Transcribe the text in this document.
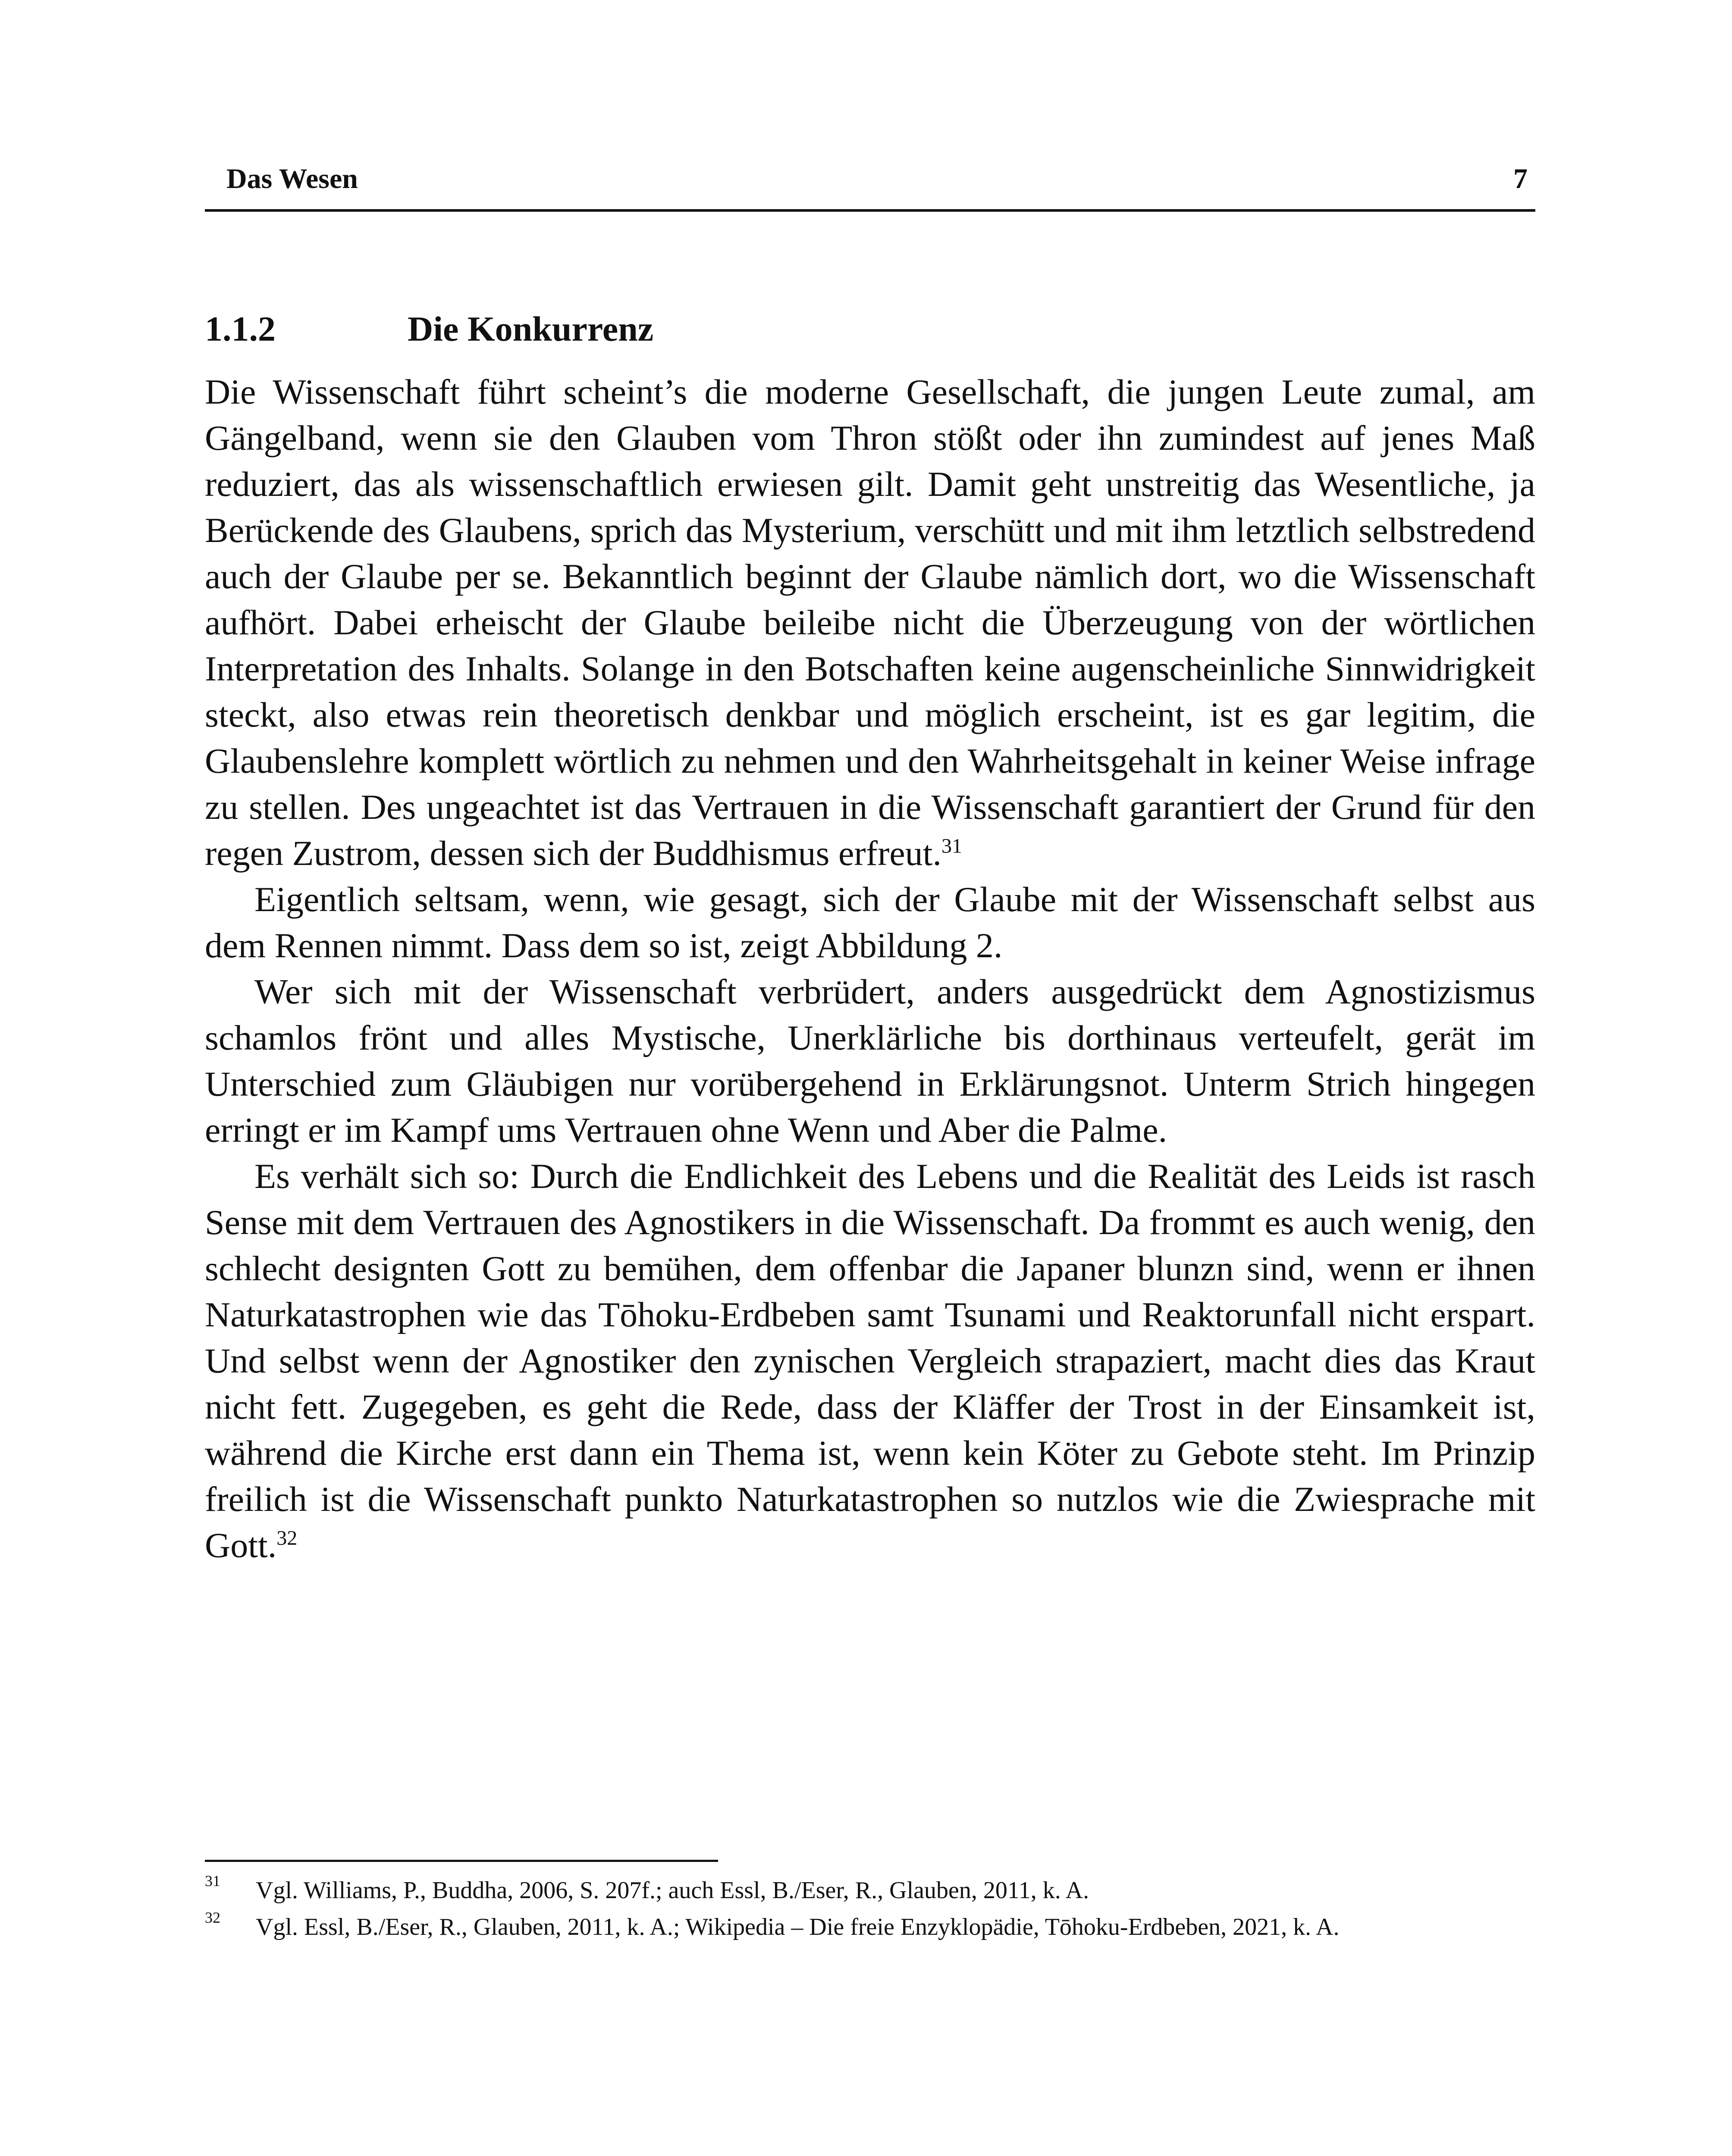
Das Wesen	7
1.1.2	Die Konkurrenz

Die Wissenschaft führt scheint’s die moderne Gesellschaft, die jungen Leute zumal, am Gängelband, wenn sie den Glauben vom Thron stößt oder ihn zumindest auf jenes Maß reduziert, das als wissenschaftlich erwiesen gilt. Damit geht unstreitig das Wesentliche, ja Berückende des Glaubens, sprich das Mysterium, verschütt und mit ihm letztlich selbstredend auch der Glaube per se. Bekanntlich beginnt der Glaube nämlich dort, wo die Wissenschaft aufhört. Dabei erheischt der Glaube beileibe nicht die Überzeugung von der wörtlichen Interpretation des Inhalts. Solange in den Botschaften keine augenscheinliche Sinnwidrigkeit steckt, also etwas rein theoretisch denkbar und möglich erscheint, ist es gar legitim, die Glaubenslehre komplett wörtlich zu nehmen und den Wahrheitsgehalt in keiner Weise infrage zu stellen. Des ungeachtet ist das Vertrauen in die Wissenschaft garantiert der Grund für den regen Zustrom, dessen sich der Buddhismus erfreut.$^{31}$

Eigentlich seltsam, wenn, wie gesagt, sich der Glaube mit der Wissenschaft selbst aus dem Rennen nimmt. Dass dem so ist, zeigt Abbildung 2.

Wer sich mit der Wissenschaft verbrüdert, anders ausgedrückt dem Agnostizismus schamlos frönt und alles Mystische, Unerklärliche bis dorthinaus verteufelt, gerät im Unterschied zum Gläubigen nur vorübergehend in Erklärungsnot. Unterm Strich hingegen erringt er im Kampf ums Vertrauen ohne Wenn und Aber die Palme.

Es verhält sich so: Durch die Endlichkeit des Lebens und die Realität des Leids ist rasch Sense mit dem Vertrauen des Agnostikers in die Wissenschaft. Da frommt es auch wenig, den schlecht designten Gott zu bemühen, dem offenbar die Japaner blunzn sind, wenn er ihnen Naturkatastrophen wie das Tōhoku-Erdbeben samt Tsunami und Reaktorunfall nicht erspart. Und selbst wenn der Agnostiker den zynischen Vergleich strapaziert, macht dies das Kraut nicht fett. Zugegeben, es geht die Rede, dass der Kläffer der Trost in der Einsamkeit ist, während die Kirche erst dann ein Thema ist, wenn kein Köter zu Gebote steht. Im Prinzip freilich ist die Wissenschaft punkto Naturkatastrophen so nutzlos wie die Zwiesprache mit Gott.$^{32}$

31 Vgl. Williams, P., Buddha, 2006, S. 207f.; auch Essl, B./Eser, R., Glauben, 2011, k. A.
32 Vgl. Essl, B./Eser, R., Glauben, 2011, k. A.; Wikipedia – Die freie Enzyklopädie, Tōhoku-Erdbeben, 2021, k. A.
